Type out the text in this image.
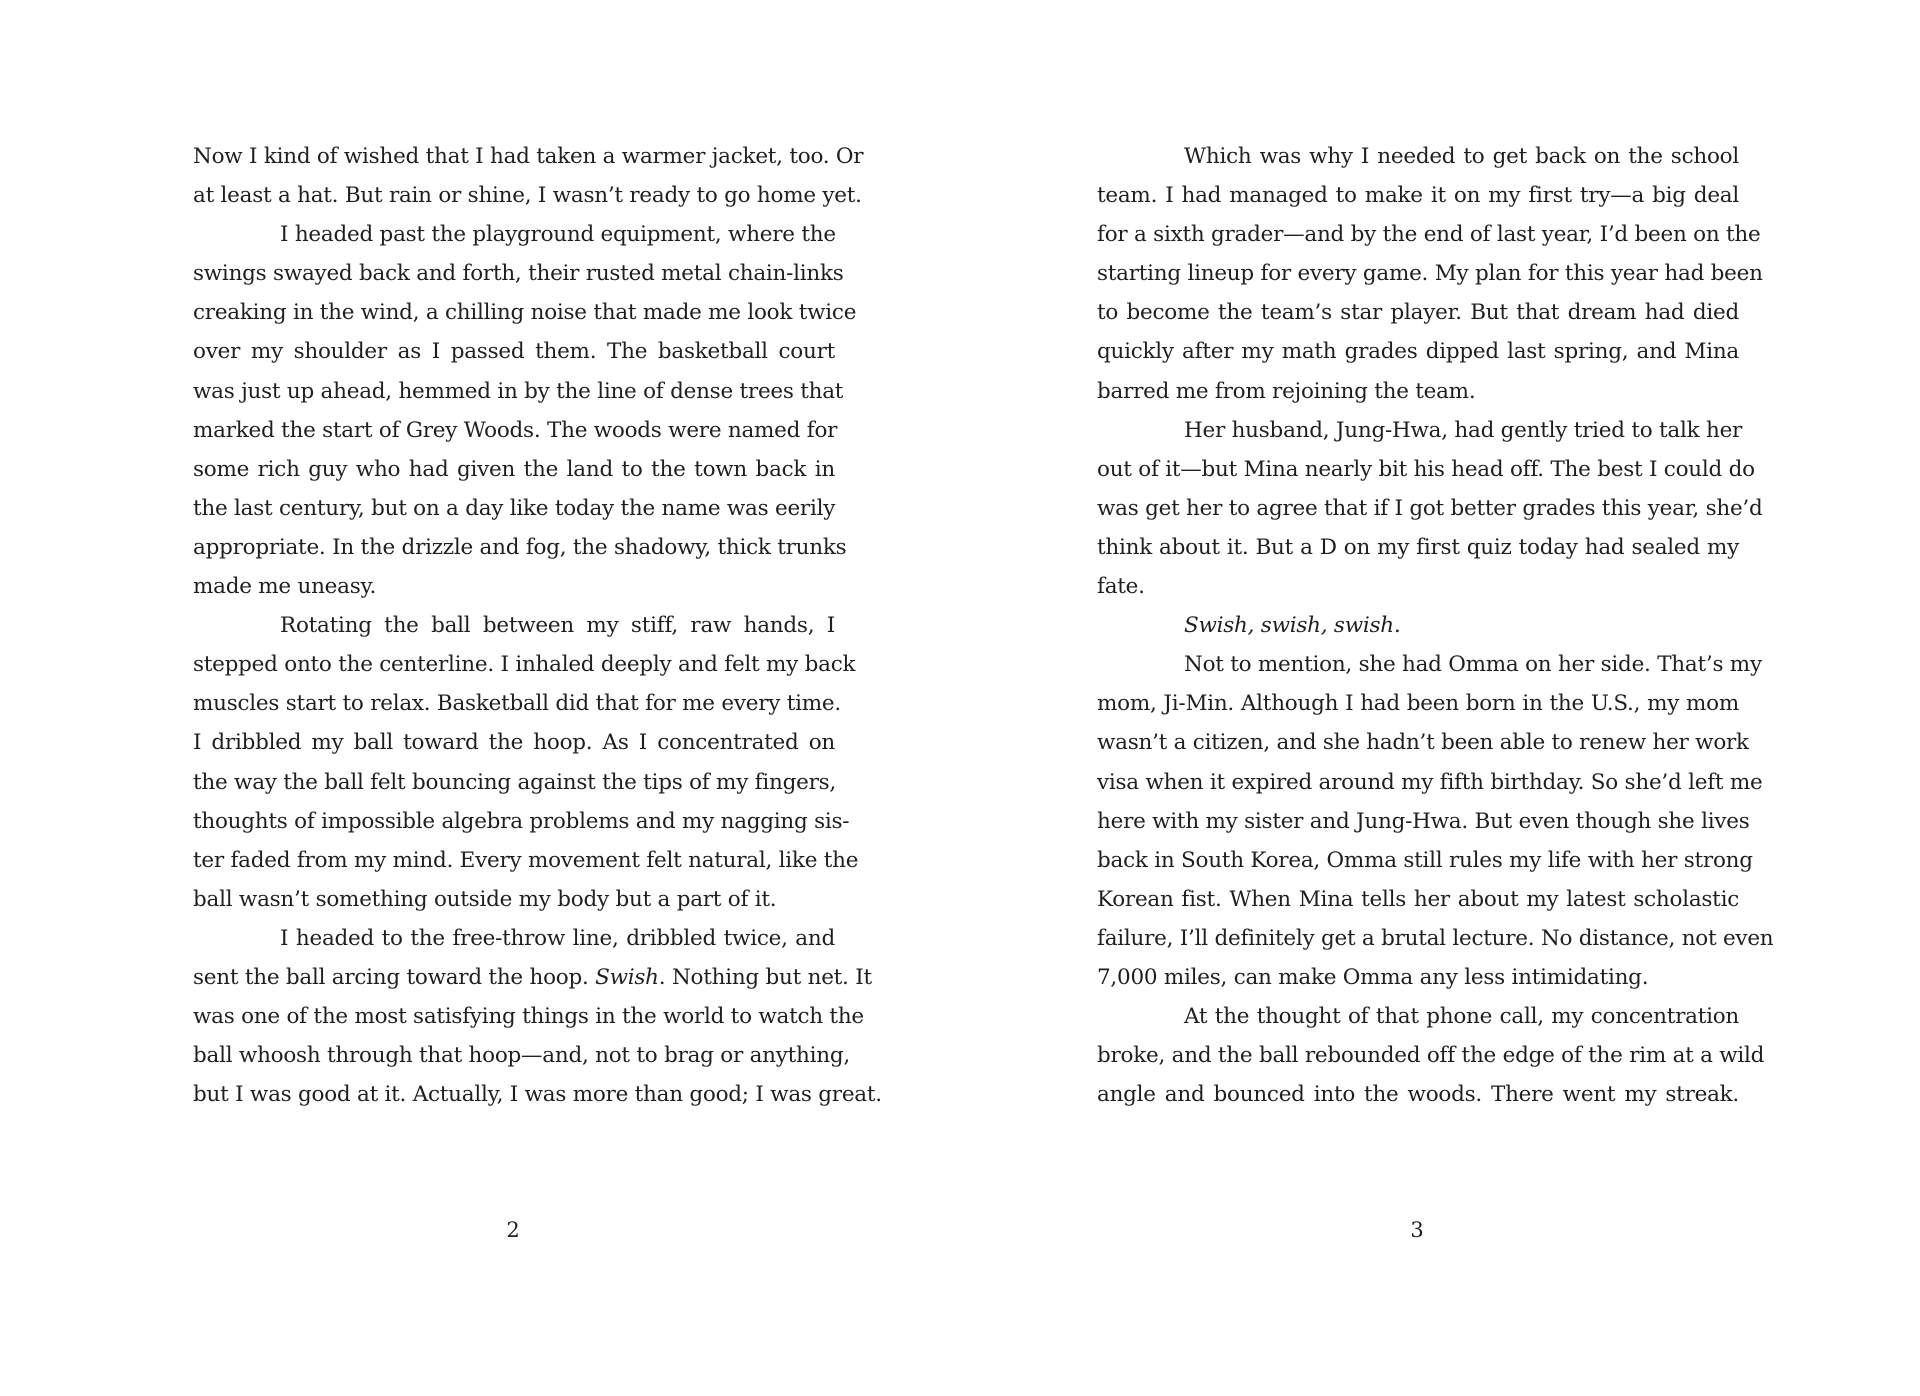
Now I kind of wished that I had taken a warmer jacket, too. Or
at least a hat. But rain or shine, I wasn’t ready to go home yet.
I headed past the playground equipment, where the
swings swayed back and forth, their rusted metal chain-links
creaking in the wind, a chilling noise that made me look twice
over my shoulder as I passed them. The basketball court
was just up ahead, hemmed in by the line of dense trees that
marked the start of Grey Woods. The woods were named for
some rich guy who had given the land to the town back in
the last century, but on a day like today the name was eerily
appropriate. In the drizzle and fog, the shadowy, thick trunks
made me uneasy.
Rotating the ball between my stiff, raw hands, I
stepped onto the centerline. I inhaled deeply and felt my back
muscles start to relax. Basketball did that for me every time.
I dribbled my ball toward the hoop. As I concentrated on
the way the ball felt bouncing against the tips of my fingers,
thoughts of impossible algebra problems and my nagging sis-
ter faded from my mind. Every movement felt natural, like the
ball wasn’t something outside my body but a part of it.
I headed to the free-throw line, dribbled twice, and
sent the ball arcing toward the hoop. Swish. Nothing but net. It
was one of the most satisfying things in the world to watch the
ball whoosh through that hoop—and, not to brag or anything,
but I was good at it. Actually, I was more than good; I was great.
Which was why I needed to get back on the school
team. I had managed to make it on my first try—a big deal
for a sixth grader—and by the end of last year, I’d been on the
starting lineup for every game. My plan for this year had been
to become the team’s star player. But that dream had died
quickly after my math grades dipped last spring, and Mina
barred me from rejoining the team.
Her husband, Jung-Hwa, had gently tried to talk her
out of it—but Mina nearly bit his head off. The best I could do
was get her to agree that if I got better grades this year, she’d
think about it. But a D on my first quiz today had sealed my
fate.
Swish, swish, swish.
Not to mention, she had Omma on her side. That’s my
mom, Ji-Min. Although I had been born in the U.S., my mom
wasn’t a citizen, and she hadn’t been able to renew her work
visa when it expired around my fifth birthday. So she’d left me
here with my sister and Jung-Hwa. But even though she lives
back in South Korea, Omma still rules my life with her strong
Korean fist. When Mina tells her about my latest scholastic
failure, I’ll definitely get a brutal lecture. No distance, not even
7,000 miles, can make Omma any less intimidating.
At the thought of that phone call, my concentration
broke, and the ball rebounded off the edge of the rim at a wild
angle and bounced into the woods. There went my streak.
2	3
